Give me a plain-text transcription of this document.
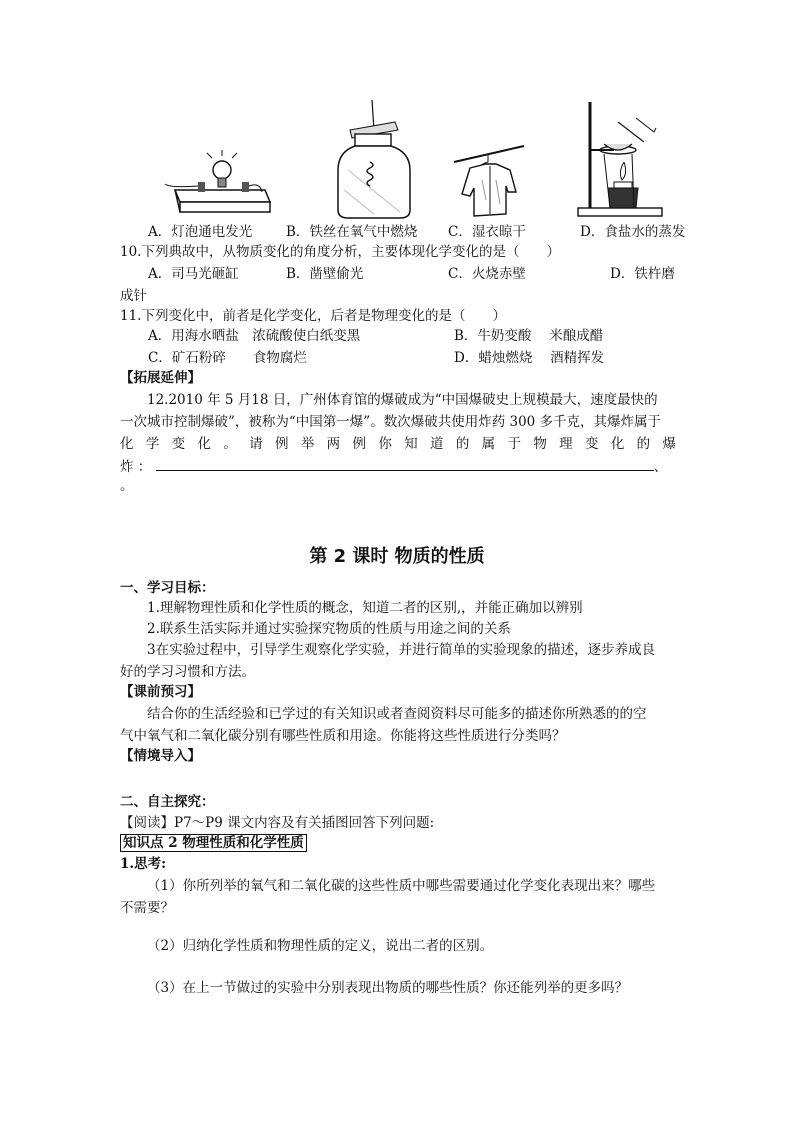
A．灯泡通电发光	B．铁丝在氧气中燃烧 C．湿衣晾干	D．食盐水的蒸发
10.下列典故中，从物质变化的角度分析，主要体现化学变化的是（　　）
A．司马光砸缸	B．凿壁偷光	C．火烧赤壁	D．铁杵磨
成针
11.下列变化中，前者是化学变化，后者是物理变化的是（　　）
A．用海水晒盐　浓硫酸使白纸变黑	B．牛奶变酸　 米酿成醋
C．矿石粉碎　　食物腐烂	D．蜡烛燃烧　 酒精挥发
【拓展延伸】
12.2010 年 5 月18 日，广州体育馆的爆破成为“中国爆破史上规模最大，速度最快的
一次城市控制爆破”，被称为“中国第一爆”。数次爆破共使用炸药 300 多千克，其爆炸属于
化 学 变 化 。 请 例 举 两 例 你 知 道 的 属 于 物 理 变 化 的 爆
炸 ：	、
。
第 2 课时 物质的性质
一、学习目标：
1.理解物理性质和化学性质的概念，知道二者的区别,，并能正确加以辨别
2.联系生活实际并通过实验探究物质的性质与用途之间的关系
3在实验过程中，引导学生观察化学实验，并进行简单的实验现象的描述，逐步养成良
好的学习习惯和方法。
【课前预习】
结合你的生活经验和已学过的有关知识或者查阅资料尽可能多的描述你所熟悉的的空
气中氧气和二氧化碳分别有哪些性质和用途。你能将这些性质进行分类吗？
【情境导入】
二、自主探究：
【阅读】P7～P9 课文内容及有关插图回答下列问题:
知识点 2 物理性质和化学性质
1.思考:
（1）你所列举的氧气和二氧化碳的这些性质中哪些需要通过化学变化表现出来？哪些
不需要？
（2）归纳化学性质和物理性质的定义，说出二者的区别。
（3）在上一节做过的实验中分别表现出物质的哪些性质？你还能列举的更多吗？
